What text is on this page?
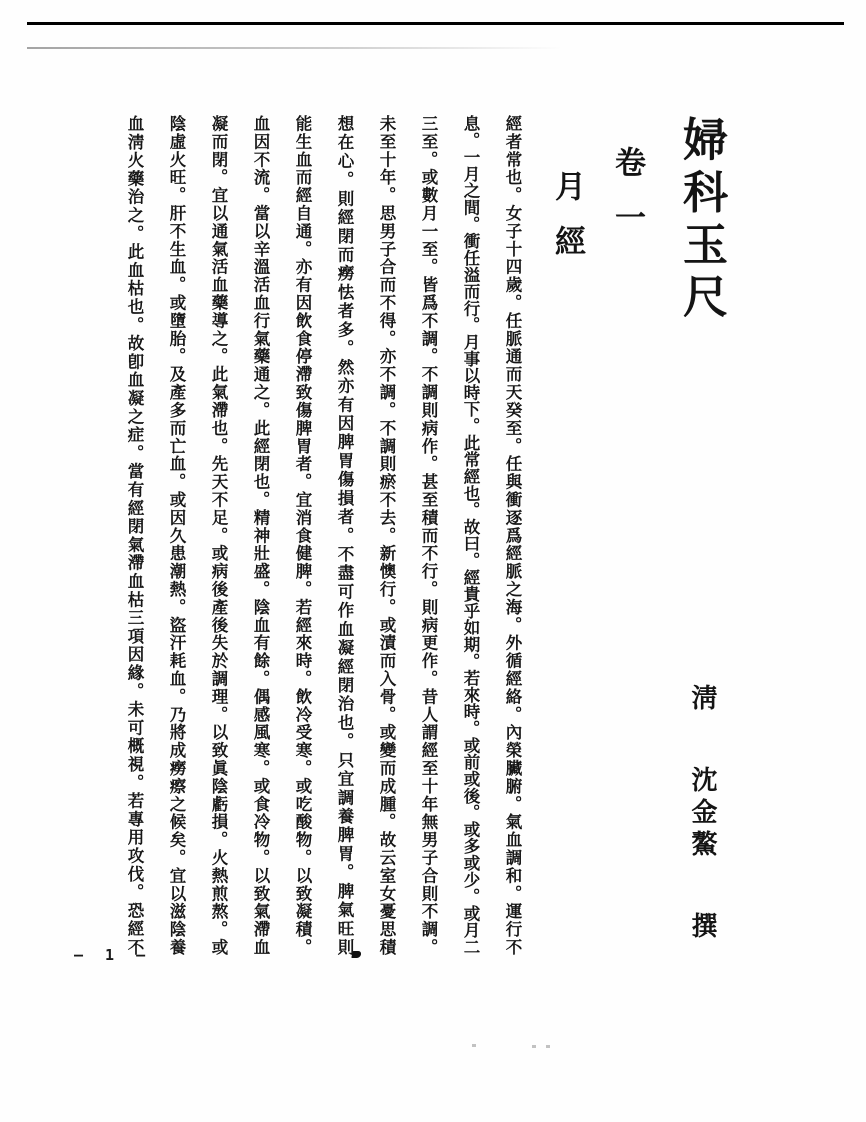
婦科玉尺
卷一
月經
淸 沈金鰲 撰
經者常也。女子十四歲。任脈通而天癸至。任與衝逐爲經脈之海。外循經絡。內榮臟腑。氣血調和。運行不
息。一月之間。衝任溢而行。月事以時下。此常經也。故曰。經貴乎如期。若來時。或前或後。或多或少。或月二
三至。或數月一至。皆爲不調。不調則病作。甚至積而不行。則病更作。昔人謂經至十年無男子合則不調。
未至十年。思男子合而不得。亦不調。不調則瘀不去。新懊行。或漬而入骨。或變而成腫。故云室女憂思積
想在心。則經閉而癆怯者多。然亦有因脾胃傷損者。不盡可作血凝經閉治也。只宜調養脾胃。脾氣旺則
能生血而經自通。亦有因飲食停滯致傷脾胃者。宜消食健脾。若經來時。飲冷受寒。或吃酸物。以致凝積。
血因不流。當以辛溫活血行氣藥通之。此經閉也。精神壯盛。陰血有餘。偶感風寒。或食冷物。以致氣滯血
凝而閉。宜以通氣活血藥導之。此氣滯也。先天不足。或病後產後失於調理。以致眞陰虧損。火熱煎熬。或
陰虛火旺。肝不生血。或墮胎。及產多而亡血。或因久患潮熱。盜汗耗血。乃將成癆瘵之候矣。宜以滋陰養
血淸火藥治之。此血枯也。故卽血凝之症。當有經閉氣滯血枯三項因緣。未可概視。若專用攻伐。恐經不
— 1 —
